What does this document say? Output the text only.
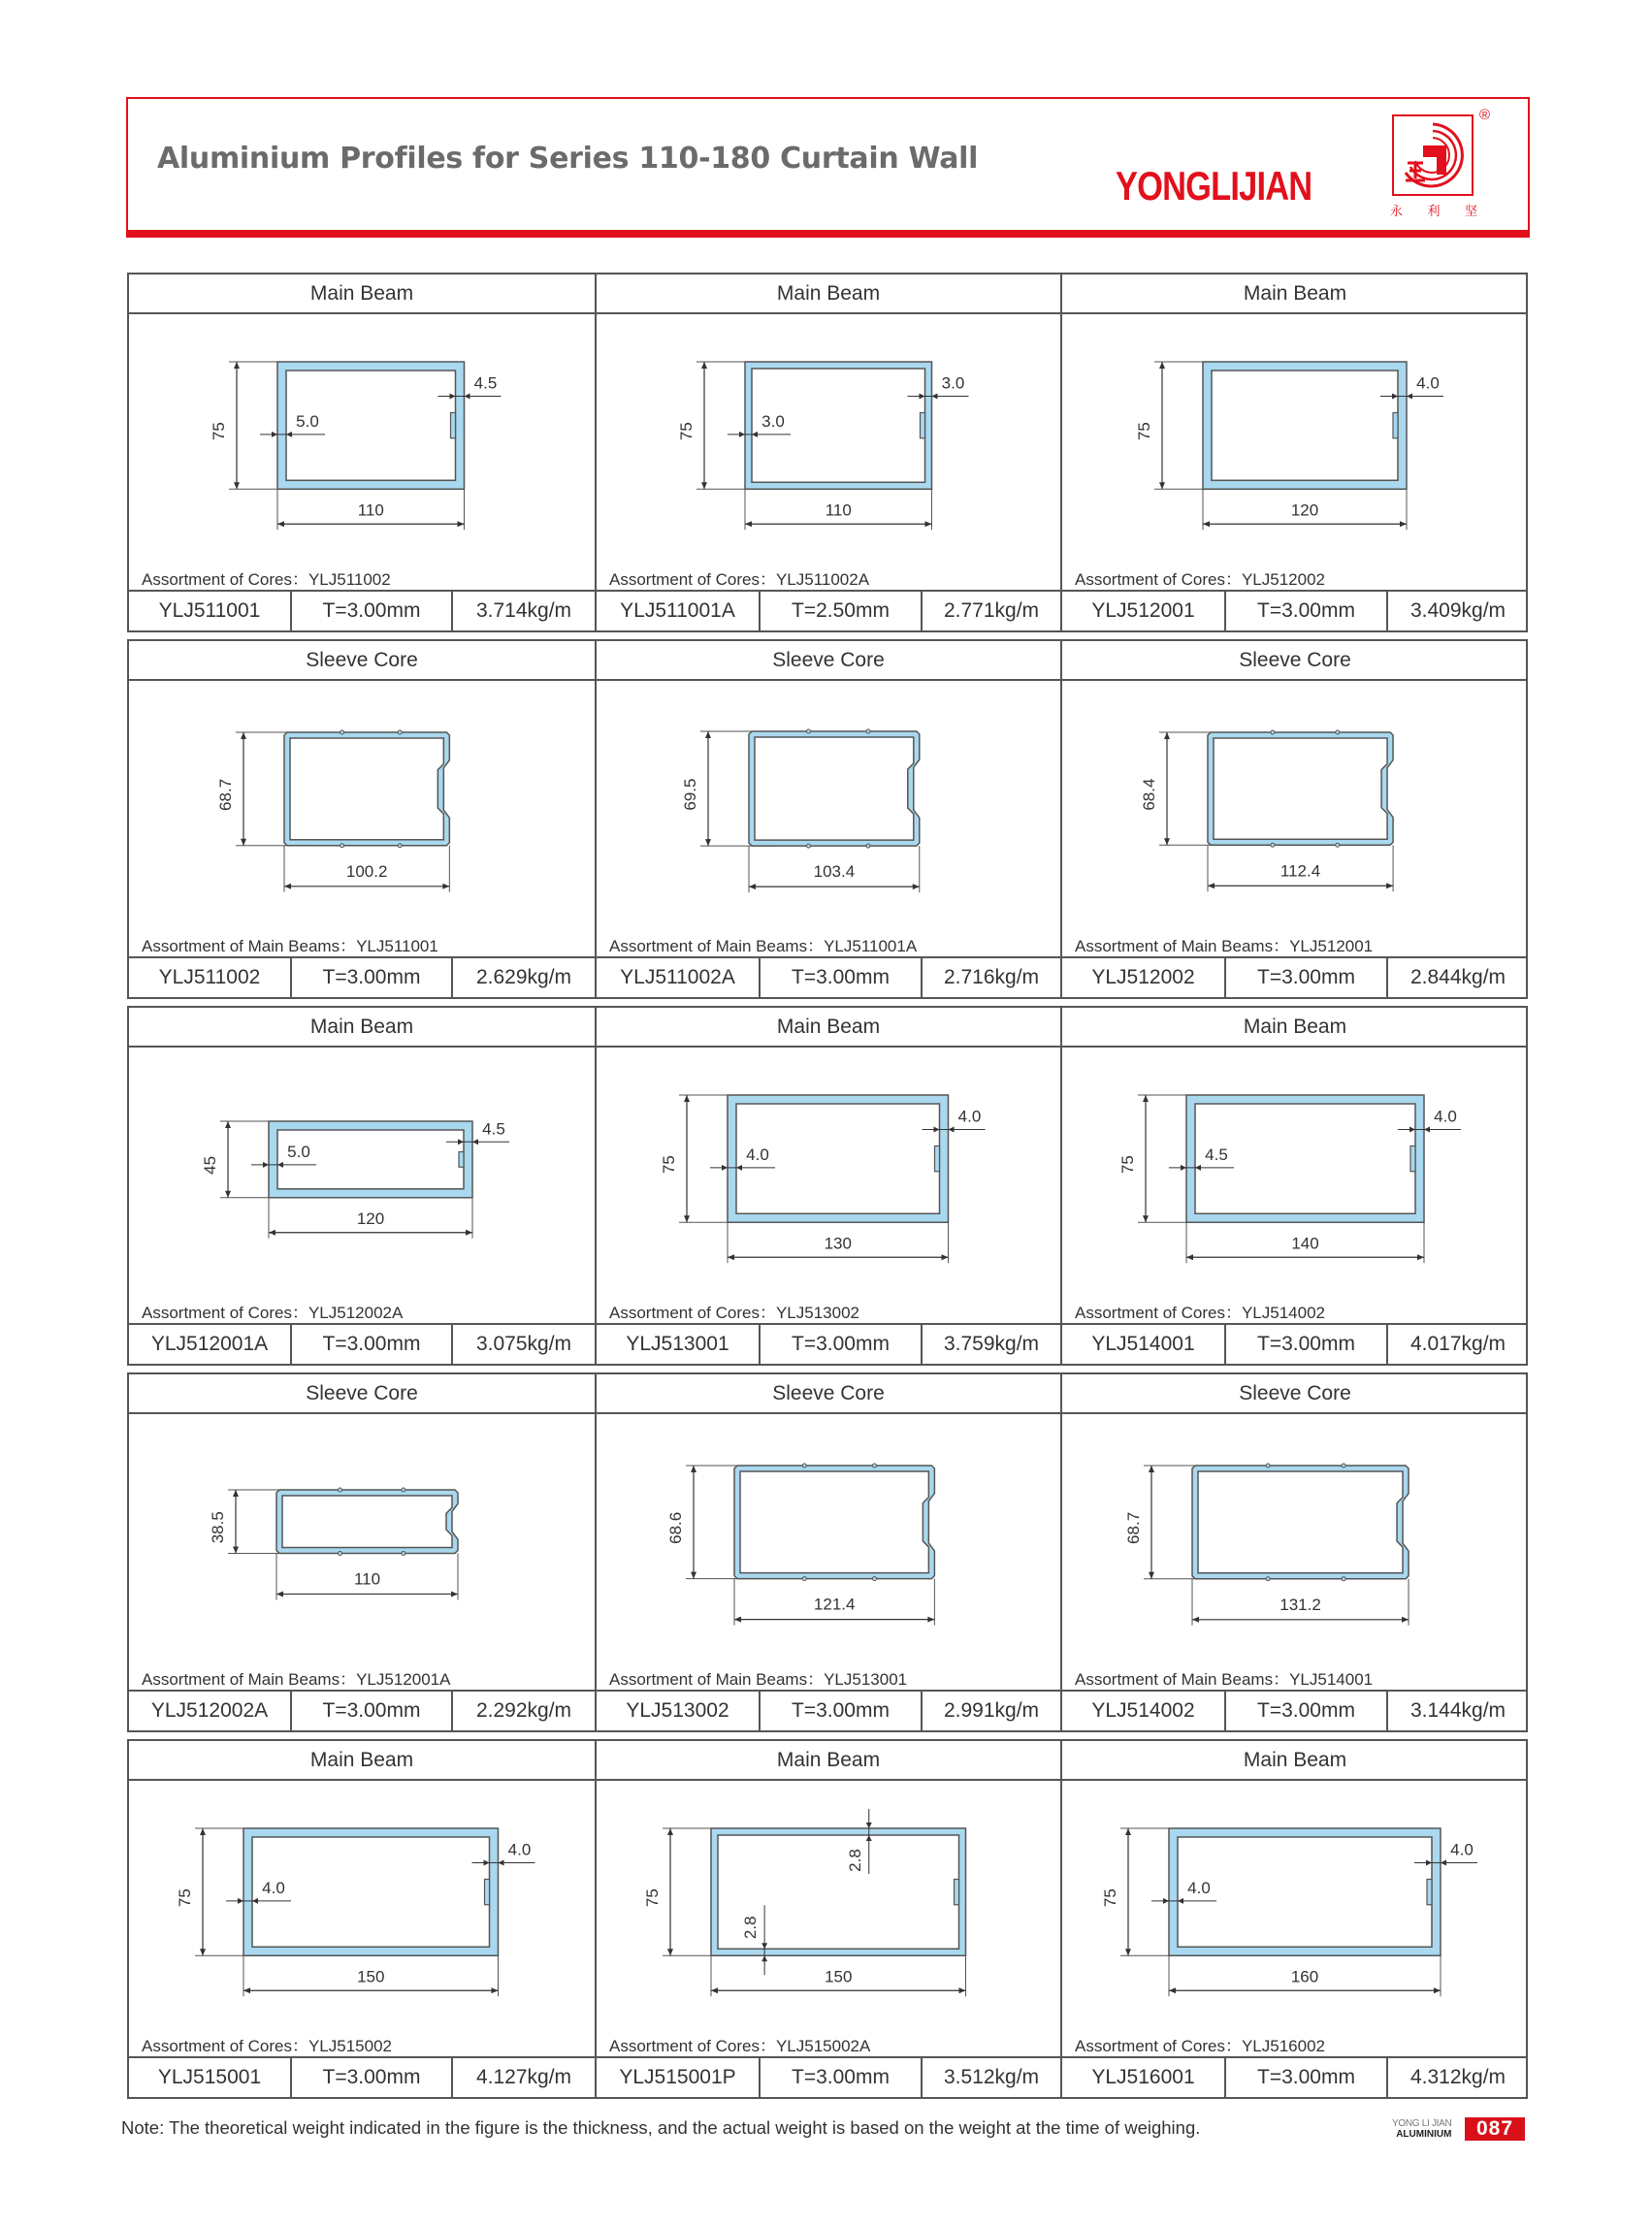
Aluminium Profiles for Series 110-180 Curtain Wall
YONGLIJIAN
永 利 坚
®
Main Beam
75
110
5.0
4.5
Assortment of Cores：YLJ511002
YLJ511001	T=3.00mm	3.714kg/m
Main Beam
75
110
3.0
3.0
Assortment of Cores：YLJ511002A
YLJ511001A	T=2.50mm	2.771kg/m
Main Beam
75
120
4.0
Assortment of Cores：YLJ512002
YLJ512001	T=3.00mm	3.409kg/m
Sleeve Core
68.7
100.2
Assortment of Main Beams：YLJ511001
YLJ511002	T=3.00mm	2.629kg/m
Sleeve Core
69.5
103.4
Assortment of Main Beams：YLJ511001A
YLJ511002A	T=3.00mm	2.716kg/m
Sleeve Core
68.4
112.4
Assortment of Main Beams：YLJ512001
YLJ512002	T=3.00mm	2.844kg/m
Main Beam
45
120
5.0
4.5
Assortment of Cores：YLJ512002A
YLJ512001A	T=3.00mm	3.075kg/m
Main Beam
75
130
4.0
4.0
Assortment of Cores：YLJ513002
YLJ513001	T=3.00mm	3.759kg/m
Main Beam
75
140
4.5
4.0
Assortment of Cores：YLJ514002
YLJ514001	T=3.00mm	4.017kg/m
Sleeve Core
38.5
110
Assortment of Main Beams：YLJ512001A
YLJ512002A	T=3.00mm	2.292kg/m
Sleeve Core
68.6
121.4
Assortment of Main Beams：YLJ513001
YLJ513002	T=3.00mm	2.991kg/m
Sleeve Core
68.7
131.2
Assortment of Main Beams：YLJ514001
YLJ514002	T=3.00mm	3.144kg/m
Main Beam
75
150
4.0
4.0
Assortment of Cores：YLJ515002
YLJ515001	T=3.00mm	4.127kg/m
Main Beam
75
150
2.8
2.8
Assortment of Cores：YLJ515002A
YLJ515001P	T=3.00mm	3.512kg/m
Main Beam
75
160
4.0
4.0
Assortment of Cores：YLJ516002
YLJ516001	T=3.00mm	4.312kg/m
Note: The theoretical weight indicated in the figure is the thickness, and the actual weight is based on the weight at the time of weighing.	YONG LI JIAN
ALUMINIUM	087
